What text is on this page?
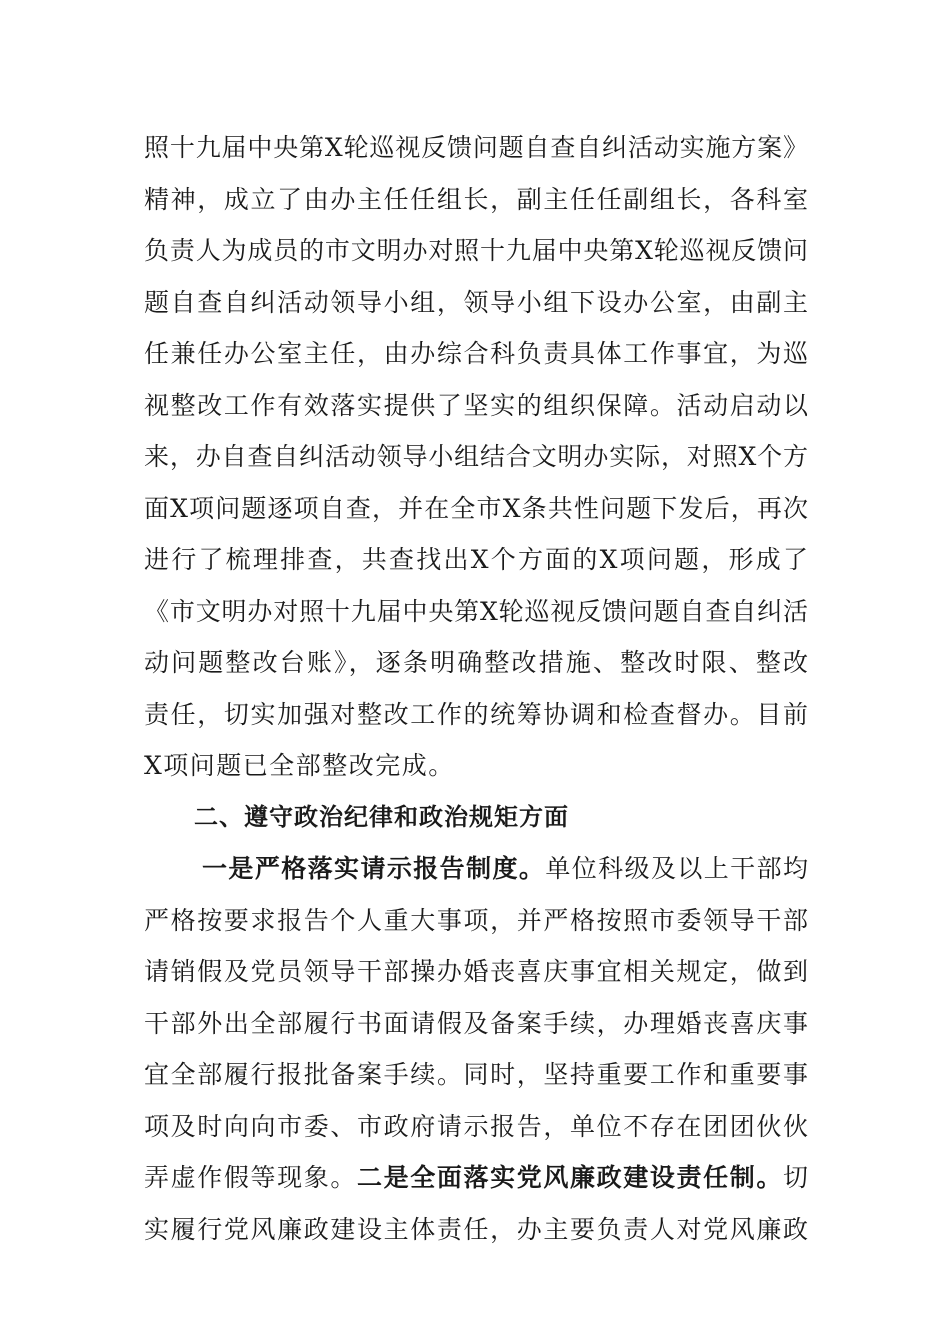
照十九届中央第X轮巡视反馈问题自查自纠活动实施方案》
精神，成立了由办主任任组长，副主任任副组长，各科室
负责人为成员的市文明办对照十九届中央第X轮巡视反馈问
题自查自纠活动领导小组，领导小组下设办公室，由副主
任兼任办公室主任，由办综合科负责具体工作事宜，为巡
视整改工作有效落实提供了坚实的组织保障。活动启动以
来，办自查自纠活动领导小组结合文明办实际，对照X个方
面X项问题逐项自查，并在全市X条共性问题下发后，再次
进行了梳理排查，共查找出X个方面的X项问题，形成了
《市文明办对照十九届中央第X轮巡视反馈问题自查自纠活
动问题整改台账》，逐条明确整改措施、整改时限、整改
责任，切实加强对整改工作的统筹协调和检查督办。目前
X项问题已全部整改完成。
二、遵守政治纪律和政治规矩方面
一是严格落实请示报告制度。单位科级及以上干部均
严格按要求报告个人重大事项，并严格按照市委领导干部
请销假及党员领导干部操办婚丧喜庆事宜相关规定，做到
干部外出全部履行书面请假及备案手续，办理婚丧喜庆事
宜全部履行报批备案手续。同时，坚持重要工作和重要事
项及时向向市委、市政府请示报告，单位不存在团团伙伙
弄虚作假等现象。二是全面落实党风廉政建设责任制。切
实履行党风廉政建设主体责任，办主要负责人对党风廉政
